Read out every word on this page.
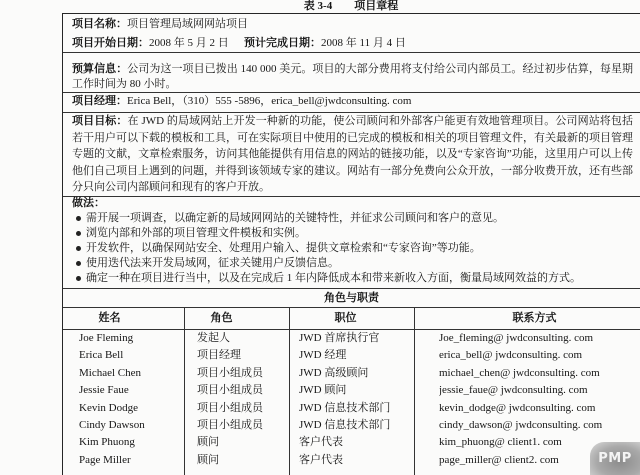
表 3-4 项目章程
项目名称：项目管理局域网网站项目
项目开始日期：2008 年 5 月 2 日 预计完成日期：2008 年 11 月 4 日
预算信息：公司为这一项目已拨出 140 000 美元。项目的大部分费用将支付给公司内部员工。经过初步估算，每星期工作时间为 80 小时。
项目经理：Erica Bell，（310）555 -5896，erica_bell@jwdconsulting. com
项目目标：在 JWD 的局域网站上开发一种新的功能，使公司顾问和外部客户能更有效地管理项目。公司网站将包括若干用户可以下载的模板和工具，可在实际项目中使用的已完成的模板和相关的项目管理文件，有关最新的项目管理专题的文献，文章检索服务，访问其他能提供有用信息的网站的链接功能，以及“专家咨询”功能，这里用户可以上传他们自己项目上遇到的问题，并得到该领域专家的建议。网站有一部分免费向公众开放，一部分收费开放，还有些部分只向公司内部顾问和现有的客户开放。
做法：
需开展一项调查，以确定新的局域网网站的关键特性，并征求公司顾问和客户的意见。
浏览内部和外部的项目管理文件模板和实例。
开发软件，以确保网站安全、处理用户输入、提供文章检索和“专家咨询”等功能。
使用迭代法来开发局域网，征求关键用户反馈信息。
确定一种在项目进行当中，以及在完成后 1 年内降低成本和带来新收入方面，衡量局域网效益的方式。
角色与职责
姓名	角色	职位	联系方式
Joe Fleming	发起人	JWD 首席执行官	Joe_fleming@ jwdconsulting. com
Erica Bell	项目经理	JWD 经理	erica_bell@ jwdconsulting. com
Michael Chen	项目小组成员	JWD 高级顾问	michael_chen@ jwdconsulting. com
Jessie Faue	项目小组成员	JWD 顾问	jessie_faue@ jwdconsulting. com
Kevin Dodge	项目小组成员	JWD 信息技术部门	kevin_dodge@ jwdconsulting. com
Cindy Dawson	项目小组成员	JWD 信息技术部门	cindy_dawson@ jwdconsulting. com
Kim Phuong	顾问	客户代表	kim_phuong@ client1. com
Page Miller	顾问	客户代表	page_miller@ client2. com	PMP
